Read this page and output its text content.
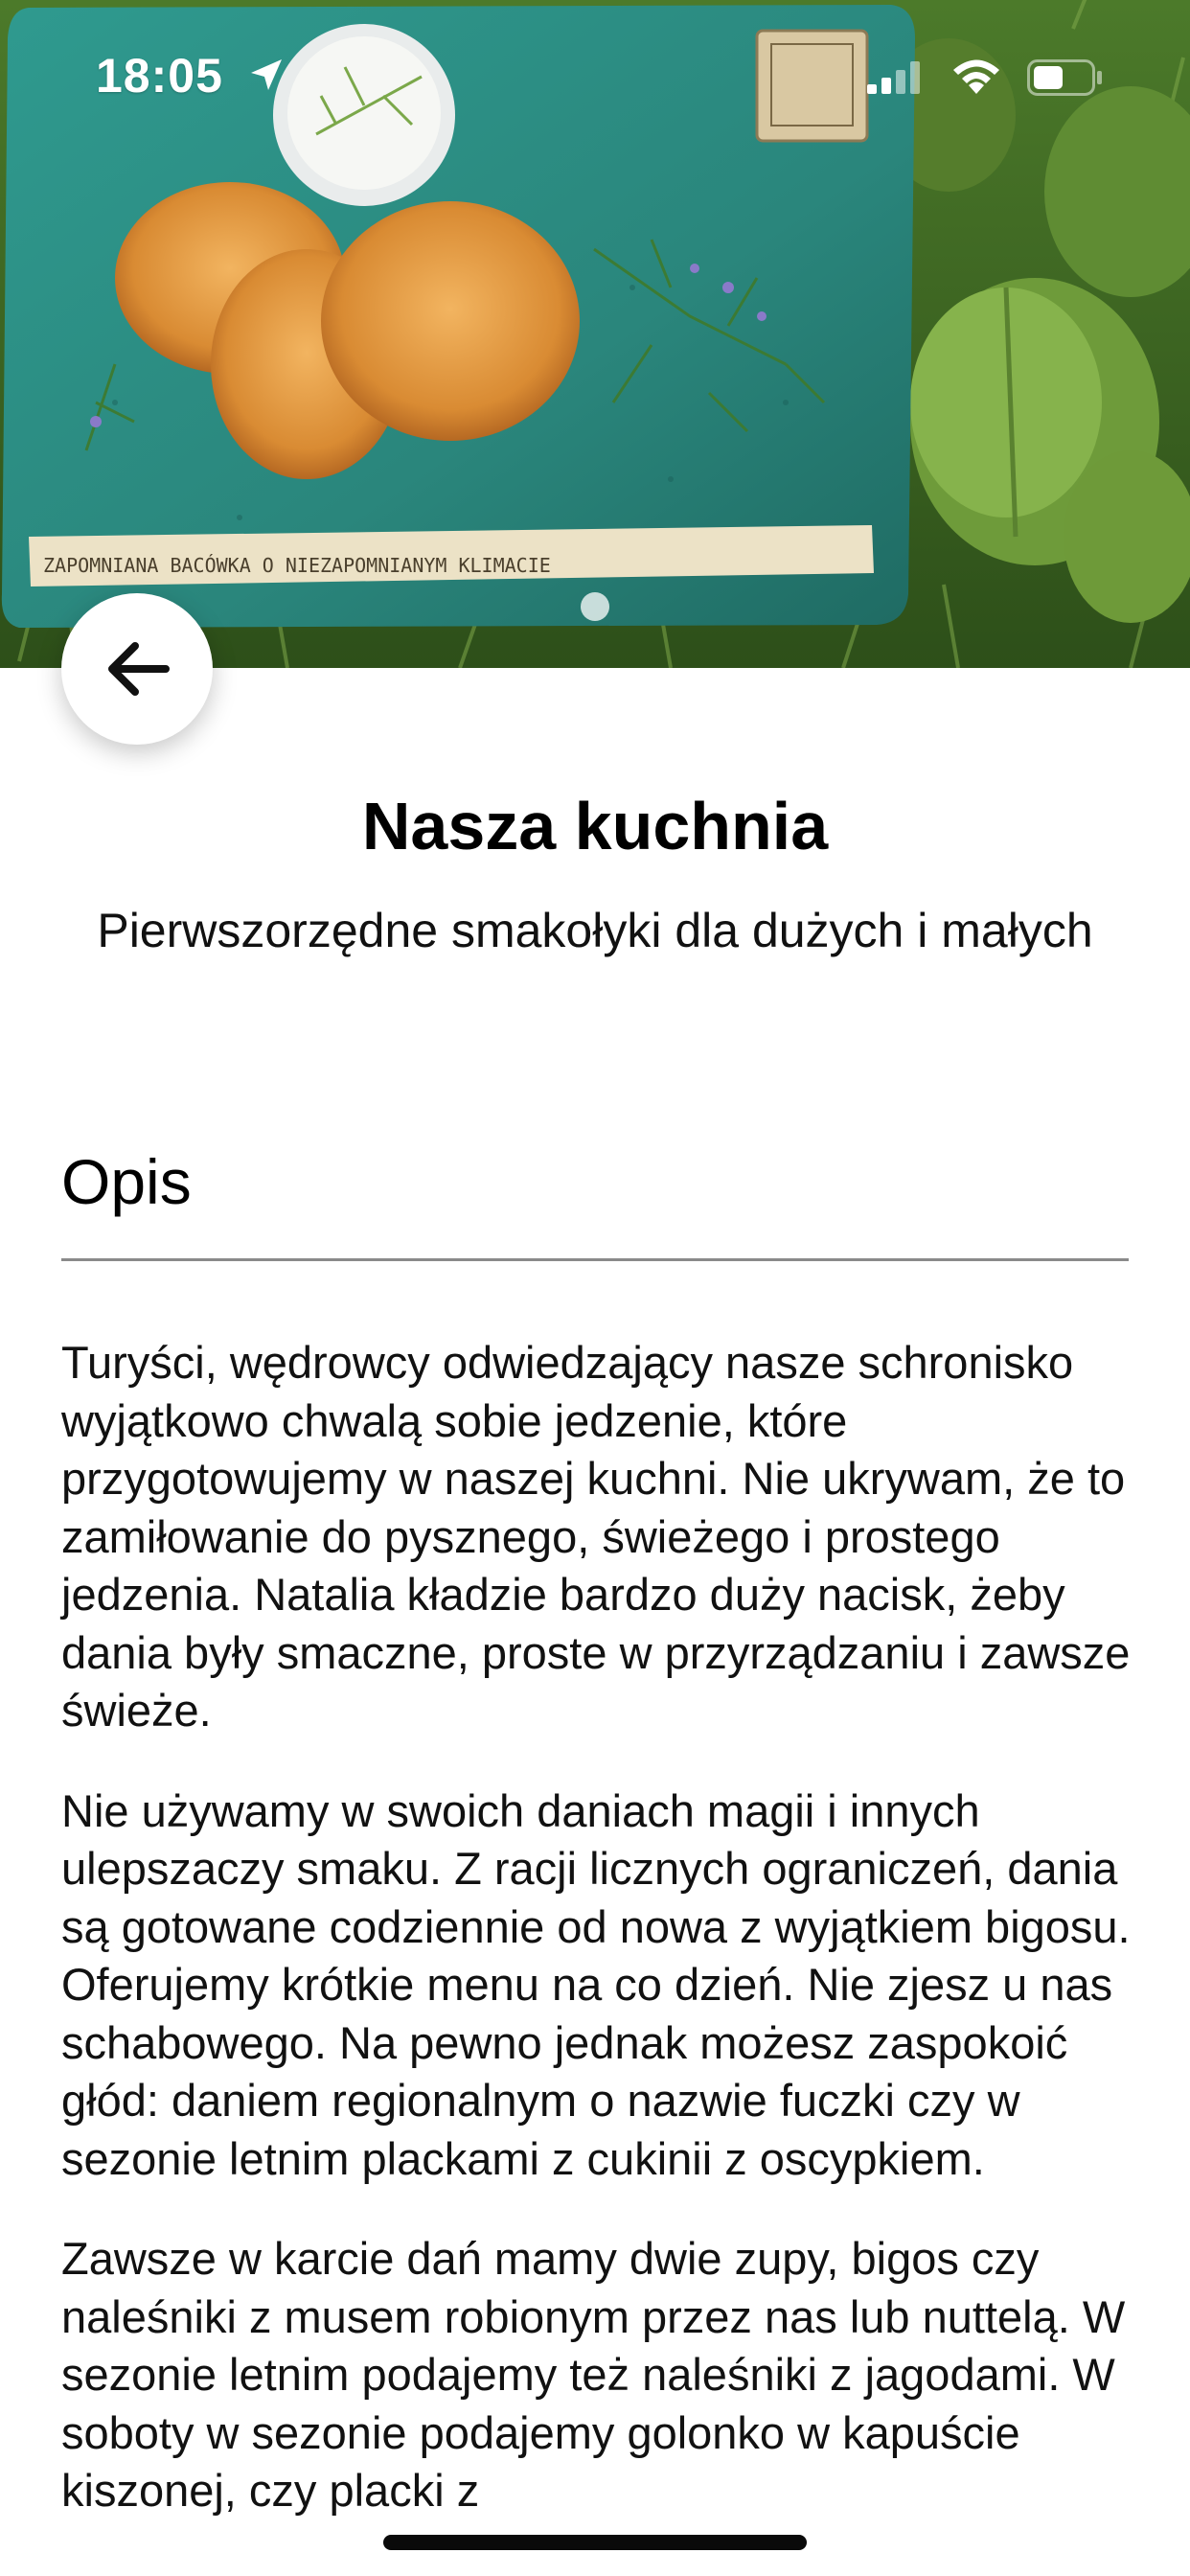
ZAPOMNIANA BACÓWKA O NIEZAPOMNIANYM KLIMACIE
18:05
Nasza kuchnia
Pierwszorzędne smakołyki dla dużych i małych
Opis

Turyści, wędrowcy odwiedzający nasze schronisko wyjątkowo chwalą sobie jedzenie, które przygotowujemy w naszej kuchni. Nie ukrywam, że to zamiłowanie do pysznego, świeżego i prostego jedzenia. Natalia kładzie bardzo duży nacisk, żeby dania były smaczne, proste w przyrządzaniu i zawsze świeże.

Nie używamy w swoich daniach magii i innych ulepszaczy smaku. Z racji licznych ograniczeń, dania są gotowane codziennie od nowa z wyjątkiem bigosu. Oferujemy krótkie menu na co dzień. Nie zjesz u nas schabowego. Na pewno jednak możesz zaspokoić głód: daniem regionalnym o nazwie fuczki czy w sezonie letnim plackami z cukinii z oscypkiem.

Zawsze w karcie dań mamy dwie zupy, bigos czy naleśniki z musem robionym przez nas lub nuttelą. W sezonie letnim podajemy też naleśniki z jagodami. W soboty w sezonie podajemy golonko w kapuście kiszonej, czy placki z
